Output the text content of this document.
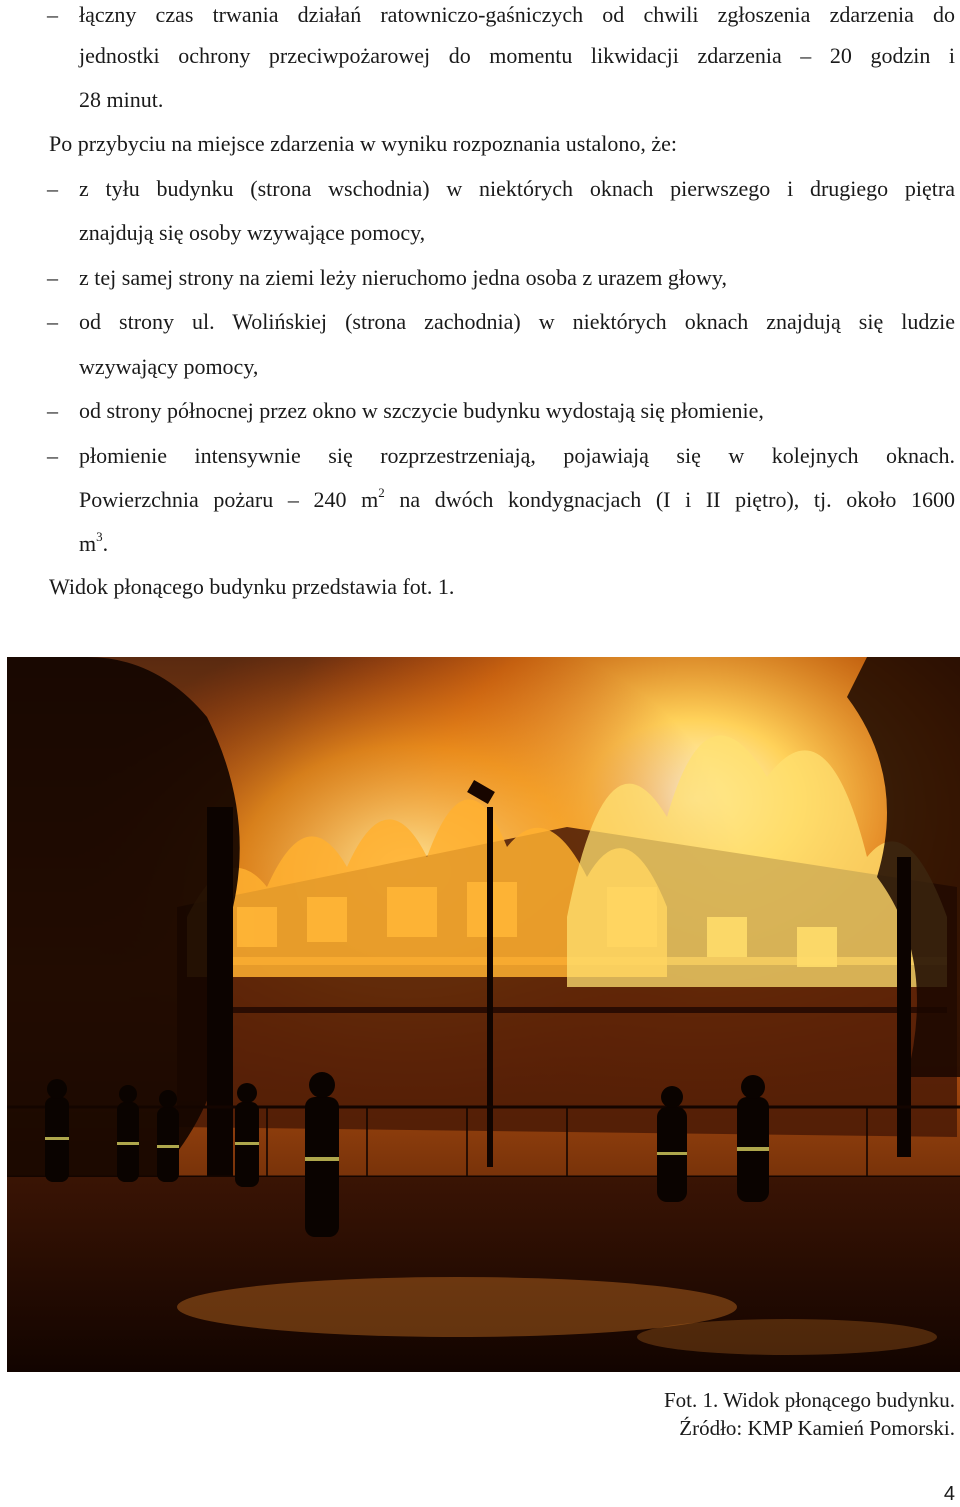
– łączny czas trwania działań ratowniczo-gaśniczych od chwili zgłoszenia zdarzenia do
jednostki ochrony przeciwpożarowej do momentu likwidacji zdarzenia – 20 godzin i
28 minut.
Po przybyciu na miejsce zdarzenia w wyniku rozpoznania ustalono, że:
– z tyłu budynku (strona wschodnia) w niektórych oknach pierwszego i drugiego piętra
znajdują się osoby wzywające pomocy,
– z tej samej strony na ziemi leży nieruchomo jedna osoba z urazem głowy,
– od strony ul. Wolińskiej (strona zachodnia) w niektórych oknach znajdują się ludzie
wzywający pomocy,
– od strony północnej przez okno w szczycie budynku wydostają się płomienie,
– płomienie intensywnie się rozprzestrzeniają, pojawiają się w kolejnych oknach.
Powierzchnia pożaru – 240 $m^2$ na dwóch kondygnacjach (I i II piętro), tj. około 1600
$m^3$.
Widok płonącego budynku przedstawia fot. 1.
Fot. 1. Widok płonącego budynku.
Źródło: KMP Kamień Pomorski.
4
